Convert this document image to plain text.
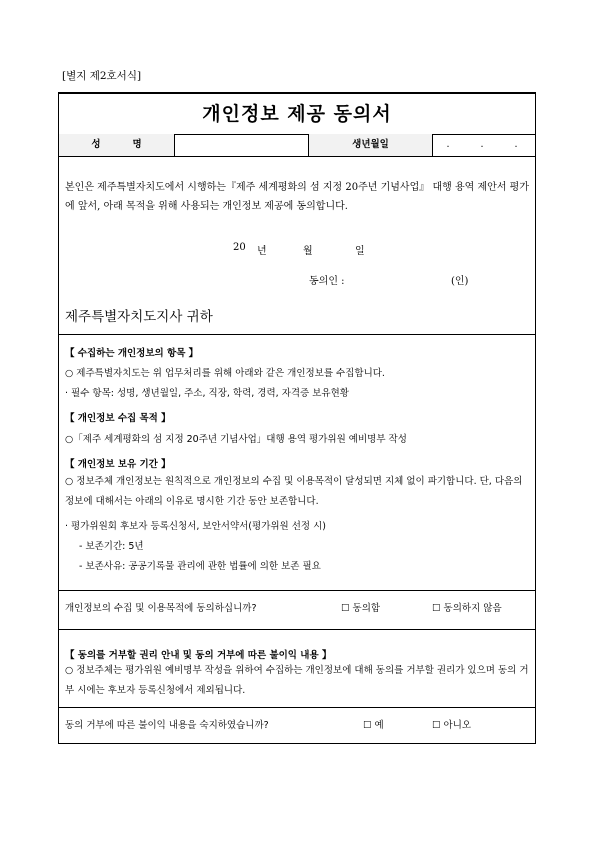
[별지 제2호서식]
개인정보 제공 동의서
성명	생년월일	. . .
본인은 제주특별자치도에서 시행하는『제주 세계평화의 섬 지정 20주년 기념사업』 대행 용역 제안서 평가에 앞서, 아래 목적을 위해 사용되는 개인정보 제공에 동의합니다.
20 년	월	일
동의인 :	(인)
제주특별자치도지사 귀하
【 수집하는 개인정보의 항목 】
○ 제주특별자치도는 위 업무처리를 위해 아래와 같은 개인정보를 수집합니다.
· 필수 항목: 성명, 생년월일, 주소, 직장, 학력, 경력, 자격증 보유현황
【 개인정보 수집 목적 】
○「제주 세계평화의 섬 지정 20주년 기념사업」대행 용역 평가위원 예비명부 작성
【 개인정보 보유 기간 】
○ 정보주체 개인정보는 원칙적으로 개인정보의 수집 및 이용목적이 달성되면 지체 없이 파기합니다. 단, 다음의 정보에 대해서는 아래의 이유로 명시한 기간 동안 보존합니다.
· 평가위원회 후보자 등록신청서, 보안서약서(평가위원 선정 시)
- 보존기간: 5년
- 보존사유: 공공기록물 관리에 관한 법률에 의한 보존 필요
개인정보의 수집 및 이용목적에 동의하십니까?	☐ 동의함	☐ 동의하지 않음
【 동의를 거부할 권리 안내 및 동의 거부에 따른 불이익 내용 】
○ 정보주체는 평가위원 예비명부 작성을 위하여 수집하는 개인정보에 대해 동의를 거부할 권리가 있으며 동의 거부 시에는 후보자 등록신청에서 제외됩니다.
동의 거부에 따른 불이익 내용을 숙지하였습니까?	☐ 예	☐ 아니오
